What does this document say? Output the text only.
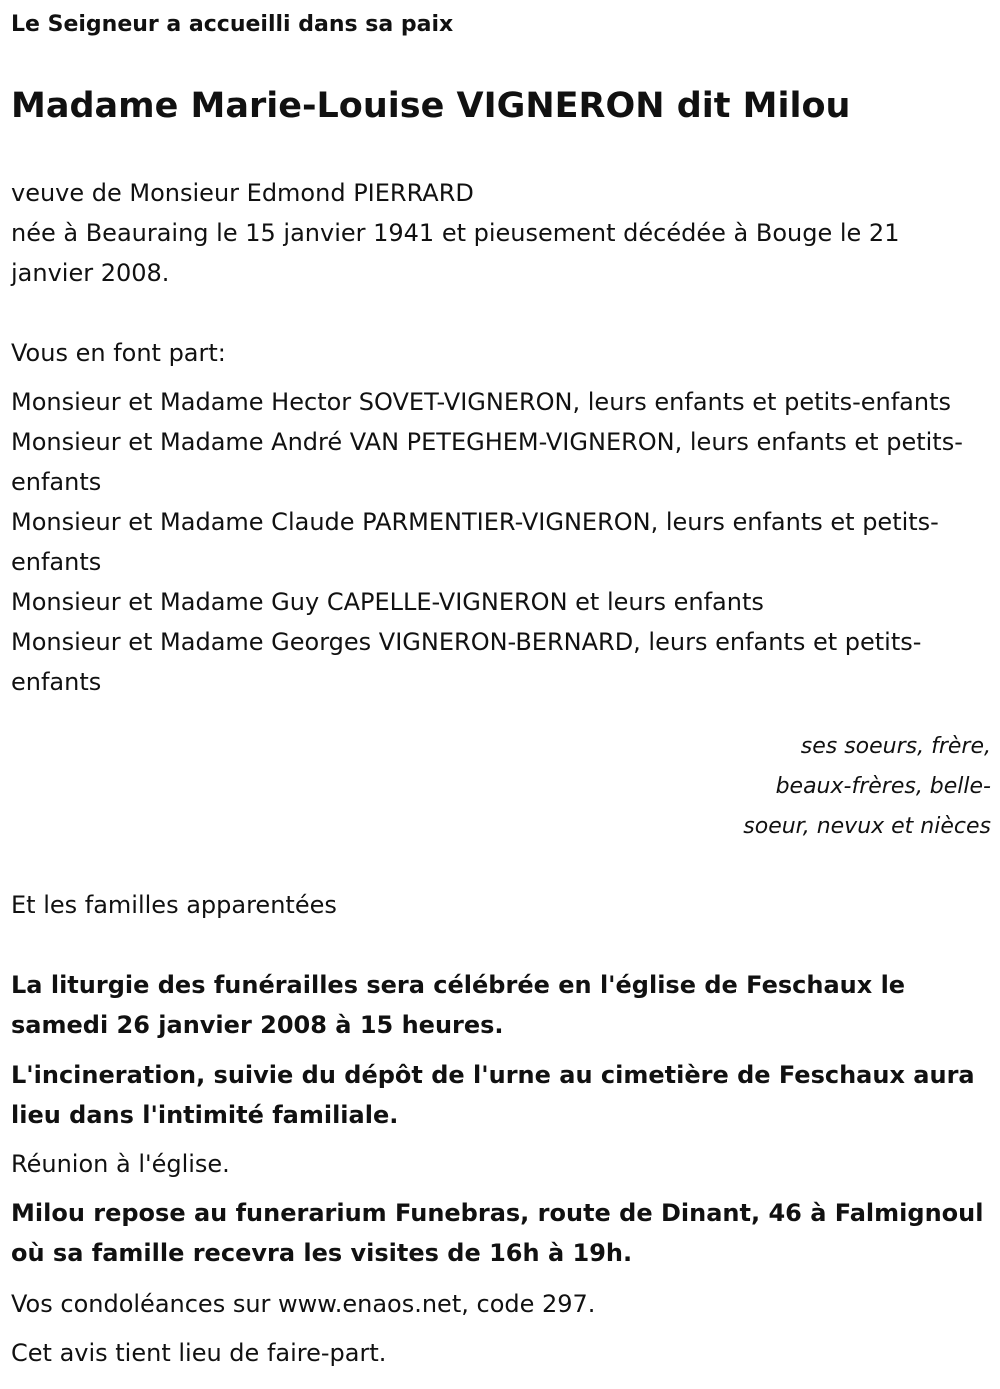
Le Seigneur a accueilli dans sa paix
Madame Marie-Louise VIGNERON dit Milou
veuve de Monsieur Edmond PIERRARD
née à Beauraing le 15 janvier 1941 et pieusement décédée à Bouge le 21 janvier 2008.
Vous en font part:
Monsieur et Madame Hector SOVET-VIGNERON, leurs enfants et petits-enfants
Monsieur et Madame André VAN PETEGHEM-VIGNERON, leurs enfants et petits-enfants
Monsieur et Madame Claude PARMENTIER-VIGNERON, leurs enfants et petits-enfants
Monsieur et Madame Guy CAPELLE-VIGNERON et leurs enfants
Monsieur et Madame Georges VIGNERON-BERNARD, leurs enfants et petits-enfants
ses soeurs, frère, beaux-frères, belle-soeur, nevux et nièces
Et les familles apparentées
La liturgie des funérailles sera célébrée en l'église de Feschaux le samedi 26 janvier 2008 à 15 heures.
L'incineration, suivie du dépôt de l'urne au cimetière de Feschaux aura lieu dans l'intimité familiale.
Réunion à l'église.
Milou repose au funerarium Funebras, route de Dinant, 46 à Falmignoul où sa famille recevra les visites de 16h à 19h.
Vos condoléances sur www.enaos.net, code 297.
Cet avis tient lieu de faire-part.
